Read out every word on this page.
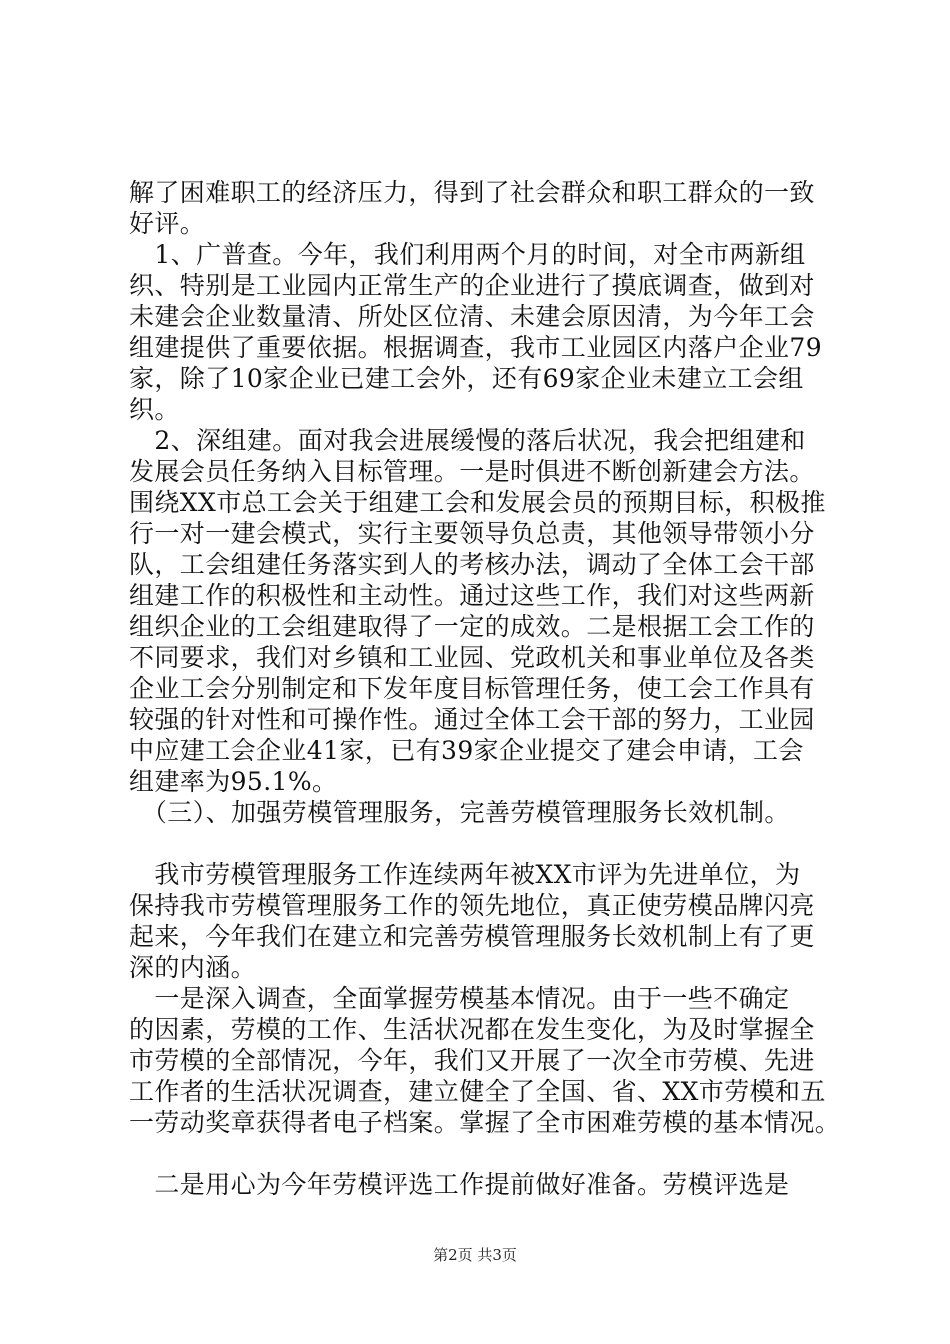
解了困难职工的经济压力，得到了社会群众和职工群众的一致
好评。
　1、广普查。今年，我们利用两个月的时间，对全市两新组
织、特别是工业园内正常生产的企业进行了摸底调查，做到对
未建会企业数量清、所处区位清、未建会原因清，为今年工会
组建提供了重要依据。根据调查，我市工业园区内落户企业79
家，除了10家企业已建工会外，还有69家企业未建立工会组
织。
　2、深组建。面对我会进展缓慢的落后状况，我会把组建和
发展会员任务纳入目标管理。一是时俱进不断创新建会方法。
围绕XX市总工会关于组建工会和发展会员的预期目标，积极推
行一对一建会模式，实行主要领导负总责，其他领导带领小分
队，工会组建任务落实到人的考核办法，调动了全体工会干部
组建工作的积极性和主动性。通过这些工作，我们对这些两新
组织企业的工会组建取得了一定的成效。二是根据工会工作的
不同要求，我们对乡镇和工业园、党政机关和事业单位及各类
企业工会分别制定和下发年度目标管理任务，使工会工作具有
较强的针对性和可操作性。通过全体工会干部的努力，工业园
中应建工会企业41家，已有39家企业提交了建会申请，工会
组建率为95.1%。
　（三）、加强劳模管理服务，完善劳模管理服务长效机制。
　我市劳模管理服务工作连续两年被XX市评为先进单位，为
保持我市劳模管理服务工作的领先地位，真正使劳模品牌闪亮
起来，今年我们在建立和完善劳模管理服务长效机制上有了更
深的内涵。
　一是深入调查，全面掌握劳模基本情况。由于一些不确定
的因素，劳模的工作、生活状况都在发生变化，为及时掌握全
市劳模的全部情况，今年，我们又开展了一次全市劳模、先进
工作者的生活状况调查，建立健全了全国、省、XX市劳模和五
一劳动奖章获得者电子档案。掌握了全市困难劳模的基本情况。
　二是用心为今年劳模评选工作提前做好准备。劳模评选是
第2页 共3页
